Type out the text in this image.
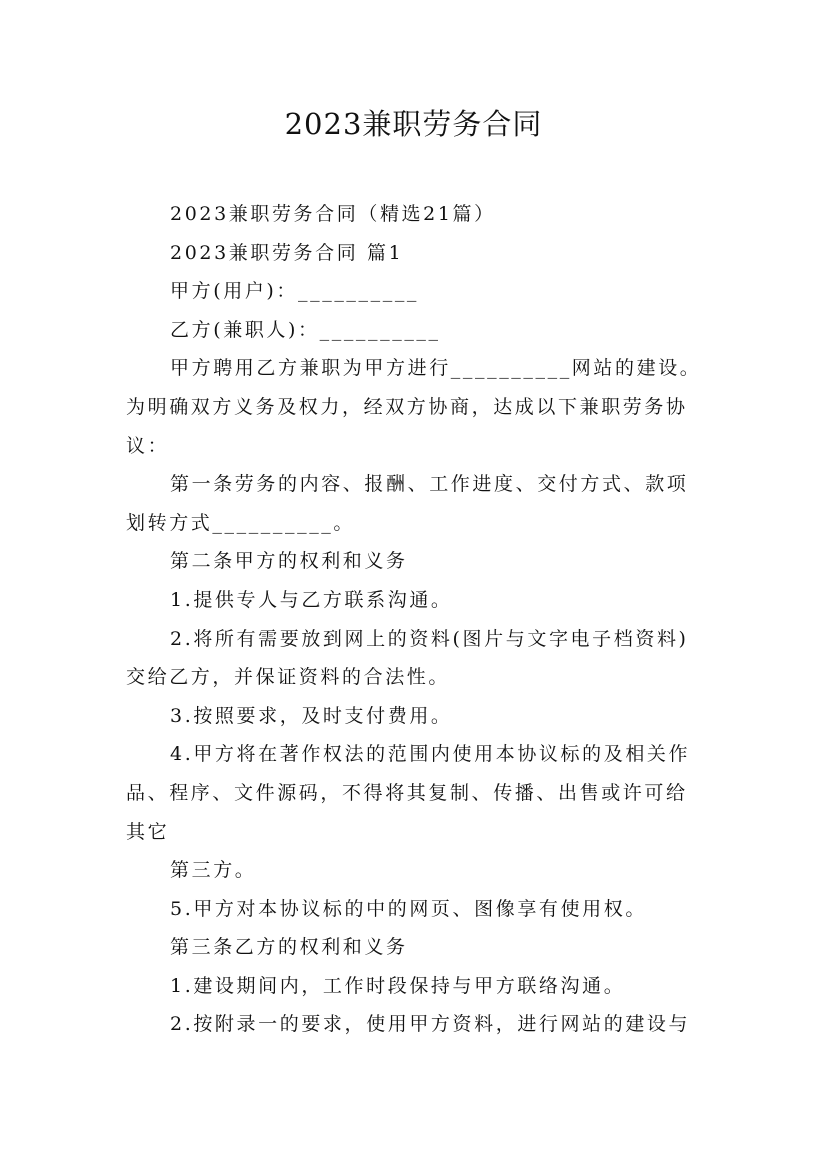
2023兼职劳务合同

2023兼职劳务合同（精选21篇）

2023兼职劳务合同 篇1

甲方(用户)：__________

乙方(兼职人)：__________

甲方聘用乙方兼职为甲方进行__________网站的建设。为明确双方义务及权力，经双方协商，达成以下兼职劳务协议：

第一条劳务的内容、报酬、工作进度、交付方式、款项划转方式__________。

第二条甲方的权利和义务

1.提供专人与乙方联系沟通。

2.将所有需要放到网上的资料(图片与文字电子档资料)交给乙方，并保证资料的合法性。

3.按照要求，及时支付费用。

4.甲方将在著作权法的范围内使用本协议标的及相关作品、程序、文件源码，不得将其复制、传播、出售或许可给其它

第三方。

5.甲方对本协议标的中的网页、图像享有使用权。

第三条乙方的权利和义务

1.建设期间内，工作时段保持与甲方联络沟通。

2.按附录一的要求，使用甲方资料，进行网站的建设与
